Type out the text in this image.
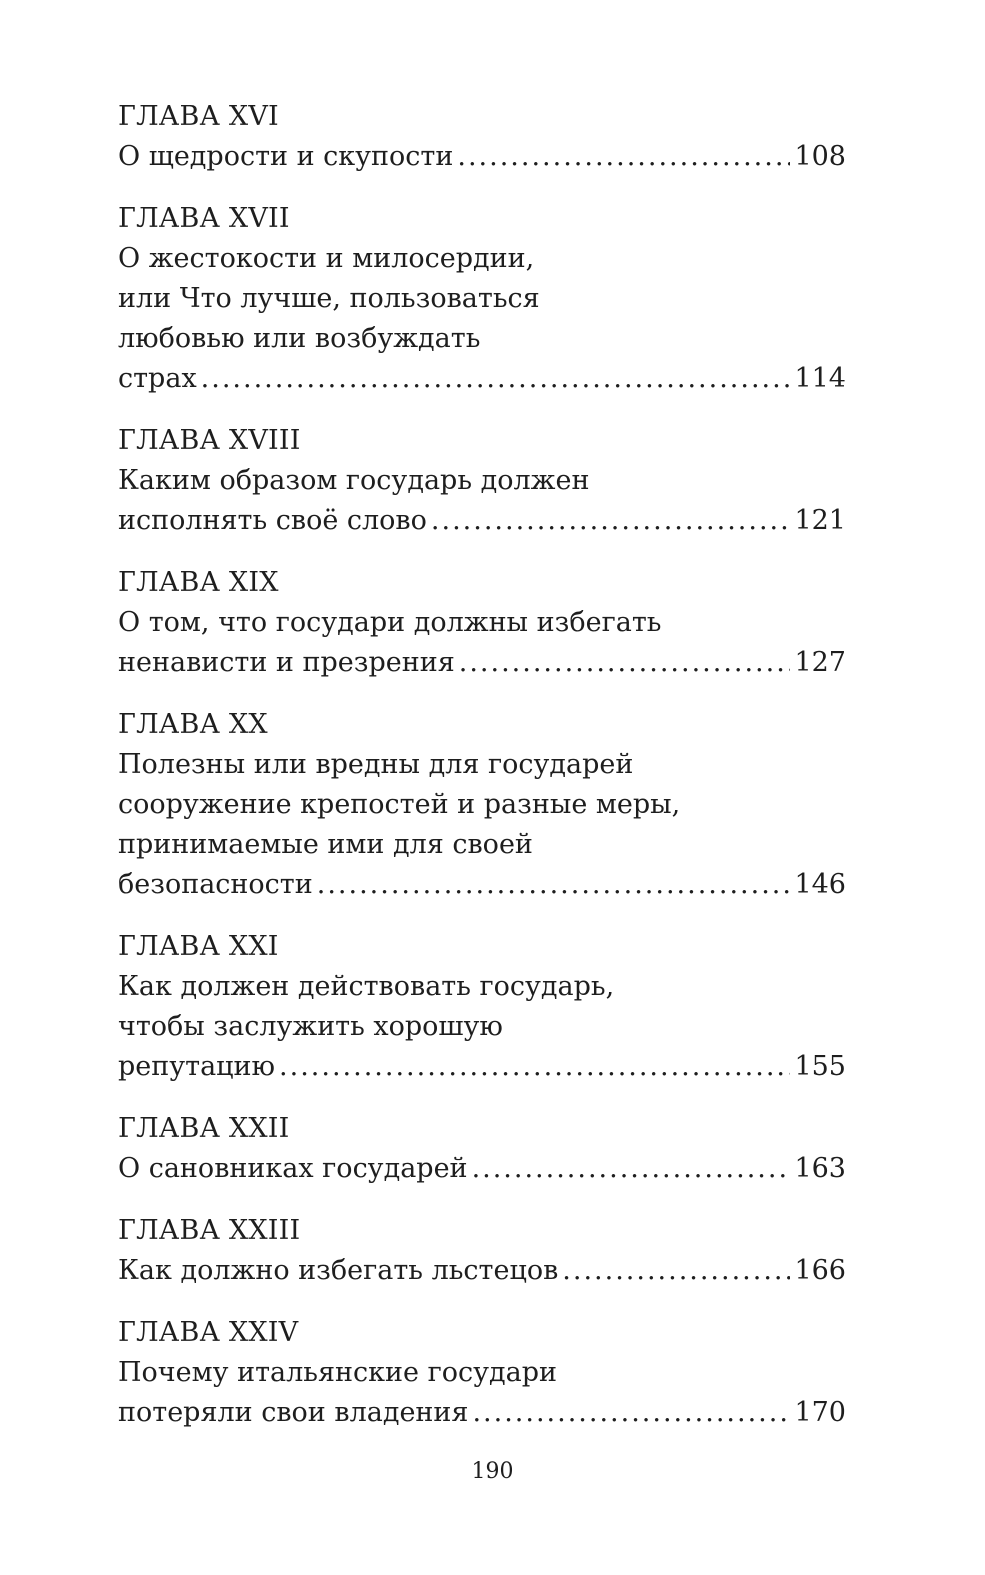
ГЛАВА XVI
О щедрости и скупости .....	108
ГЛАВА XVII
О жестокости и милосердии,
или Что лучше, пользоваться
любовью или возбуждать
страх .....	114
ГЛАВА XVIII
Каким образом государь должен
исполнять своё слово .....	121
ГЛАВА XIX
О том, что государи должны избегать
ненависти и презрения .....	127
ГЛАВА XX
Полезны или вредны для государей
сооружение крепостей и разные меры,
принимаемые ими для своей
безопасности .....	146
ГЛАВА XXI
Как должен действовать государь,
чтобы заслужить хорошую
репутацию .....	155
ГЛАВА XXII
О сановниках государей .....	163
ГЛАВА XXIII
Как должно избегать льстецов .....	166
ГЛАВА XXIV
Почему итальянские государи
потеряли свои владения .....	170
190
